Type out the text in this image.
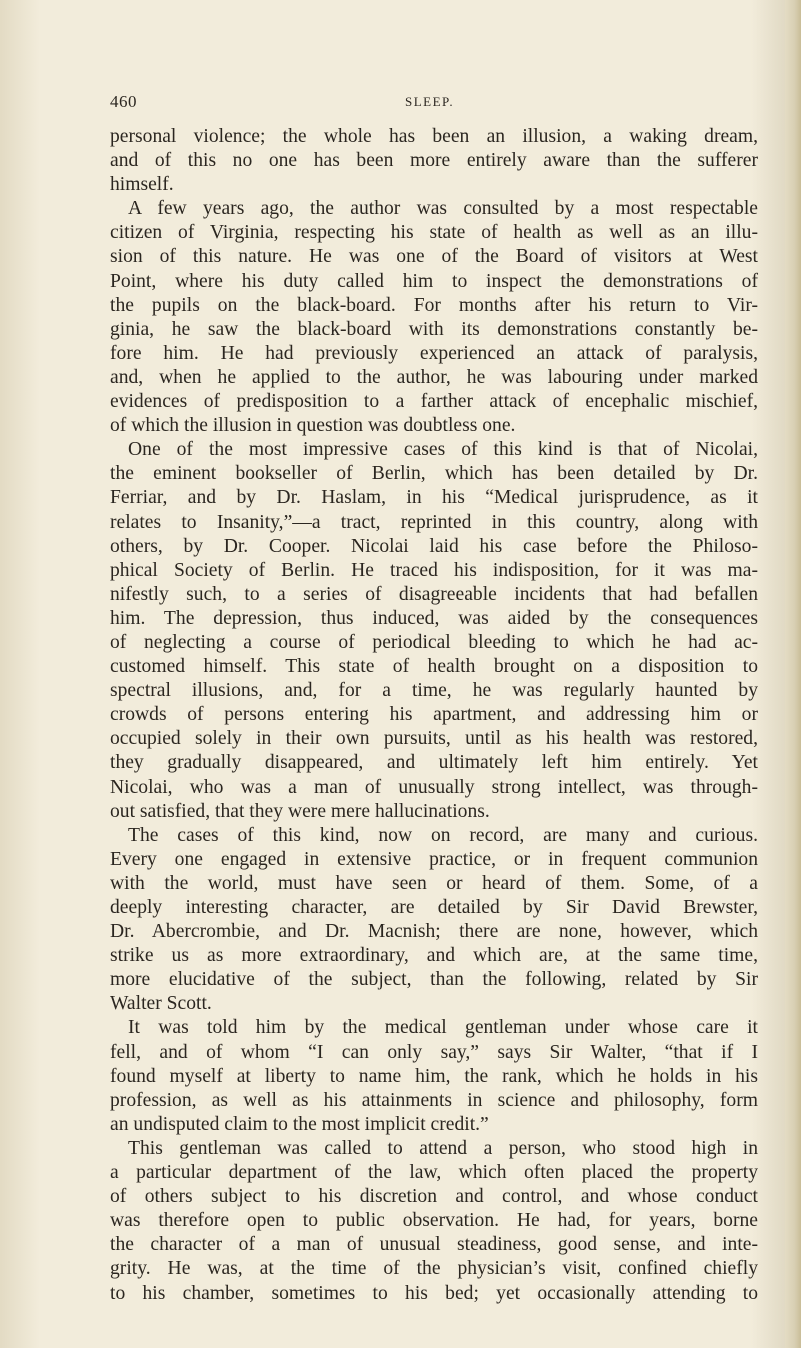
460	SLEEP.
personal violence; the whole has been an illusion, a waking dream,
and of this no one has been more entirely aware than the sufferer
himself.
A few years ago, the author was consulted by a most respectable
citizen of Virginia, respecting his state of health as well as an illu-
sion of this nature. He was one of the Board of visitors at West
Point, where his duty called him to inspect the demonstrations of
the pupils on the black-board. For months after his return to Vir-
ginia, he saw the black-board with its demonstrations constantly be-
fore him. He had previously experienced an attack of paralysis,
and, when he applied to the author, he was labouring under marked
evidences of predisposition to a farther attack of encephalic mischief,
of which the illusion in question was doubtless one.
One of the most impressive cases of this kind is that of Nicolai,
the eminent bookseller of Berlin, which has been detailed by Dr.
Ferriar, and by Dr. Haslam, in his “Medical jurisprudence, as it
relates to Insanity,”—a tract, reprinted in this country, along with
others, by Dr. Cooper. Nicolai laid his case before the Philoso-
phical Society of Berlin. He traced his indisposition, for it was ma-
nifestly such, to a series of disagreeable incidents that had befallen
him. The depression, thus induced, was aided by the consequences
of neglecting a course of periodical bleeding to which he had ac-
customed himself. This state of health brought on a disposition to
spectral illusions, and, for a time, he was regularly haunted by
crowds of persons entering his apartment, and addressing him or
occupied solely in their own pursuits, until as his health was restored,
they gradually disappeared, and ultimately left him entirely. Yet
Nicolai, who was a man of unusually strong intellect, was through-
out satisfied, that they were mere hallucinations.
The cases of this kind, now on record, are many and curious.
Every one engaged in extensive practice, or in frequent communion
with the world, must have seen or heard of them. Some, of a
deeply interesting character, are detailed by Sir David Brewster,
Dr. Abercrombie, and Dr. Macnish; there are none, however, which
strike us as more extraordinary, and which are, at the same time,
more elucidative of the subject, than the following, related by Sir
Walter Scott.
It was told him by the medical gentleman under whose care it
fell, and of whom “I can only say,” says Sir Walter, “that if I
found myself at liberty to name him, the rank, which he holds in his
profession, as well as his attainments in science and philosophy, form
an undisputed claim to the most implicit credit.”
This gentleman was called to attend a person, who stood high in
a particular department of the law, which often placed the property
of others subject to his discretion and control, and whose conduct
was therefore open to public observation. He had, for years, borne
the character of a man of unusual steadiness, good sense, and inte-
grity. He was, at the time of the physician’s visit, confined chiefly
to his chamber, sometimes to his bed; yet occasionally attending to
